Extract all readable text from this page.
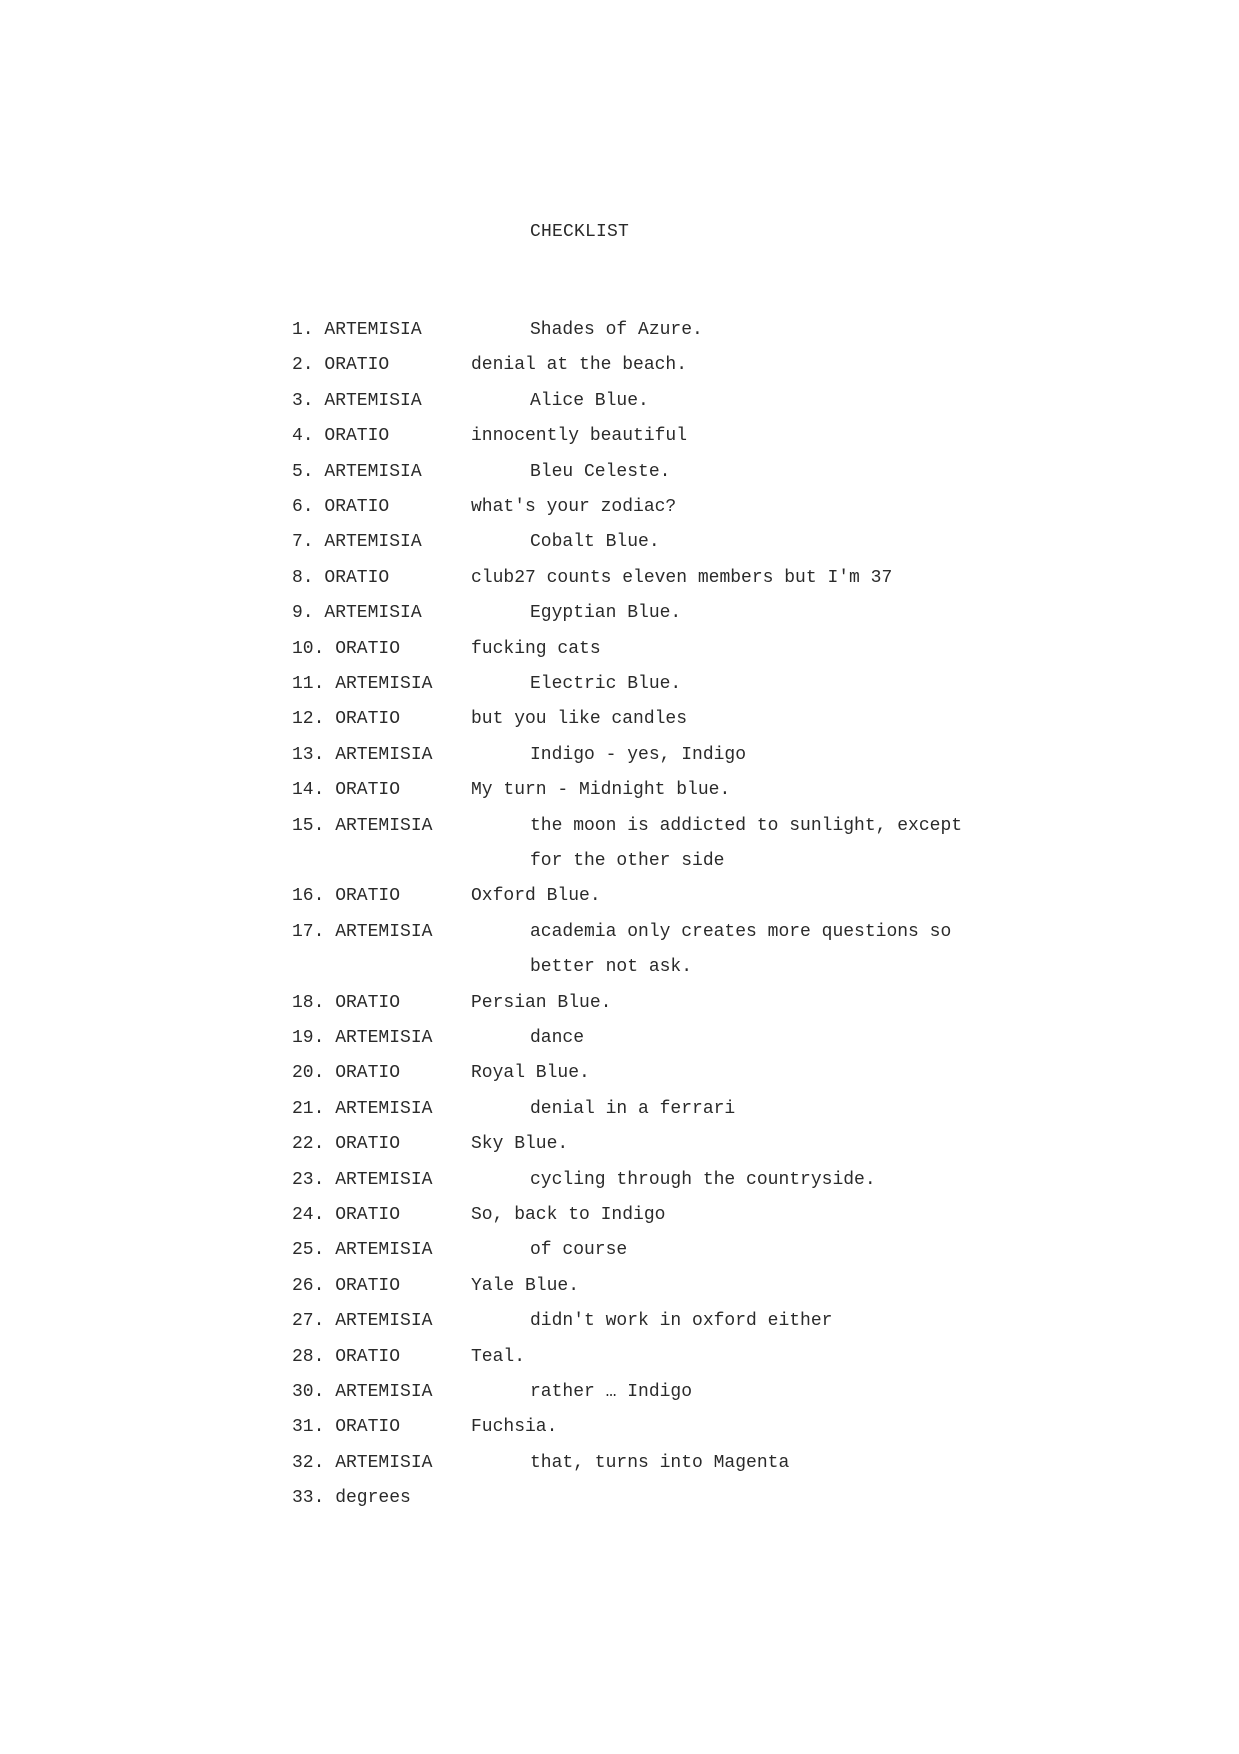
CHECKLIST
1. ARTEMISIA	Shades of Azure.
2. ORATIO	denial at the beach.
3. ARTEMISIA	Alice Blue.
4. ORATIO	innocently beautiful
5. ARTEMISIA	Bleu Celeste.
6. ORATIO	what's your zodiac?
7. ARTEMISIA	Cobalt Blue.
8. ORATIO	club27 counts eleven members but I'm 37
9. ARTEMISIA	Egyptian Blue.
10. ORATIO	fucking cats
11. ARTEMISIA	Electric Blue.
12. ORATIO	but you like candles
13. ARTEMISIA	Indigo - yes, Indigo
14. ORATIO	My turn - Midnight blue.
15. ARTEMISIA	the moon is addicted to sunlight, except
for the other side
16. ORATIO	Oxford Blue.
17. ARTEMISIA	academia only creates more questions so
better not ask.
18. ORATIO	Persian Blue.
19. ARTEMISIA	dance
20. ORATIO	Royal Blue.
21. ARTEMISIA	denial in a ferrari
22. ORATIO	Sky Blue.
23. ARTEMISIA	cycling through the countryside.
24. ORATIO	So, back to Indigo
25. ARTEMISIA	of course
26. ORATIO	Yale Blue.
27. ARTEMISIA	didn't work in oxford either
28. ORATIO	Teal.
30. ARTEMISIA	rather … Indigo
31. ORATIO	Fuchsia.
32. ARTEMISIA	that, turns into Magenta
33. degrees
